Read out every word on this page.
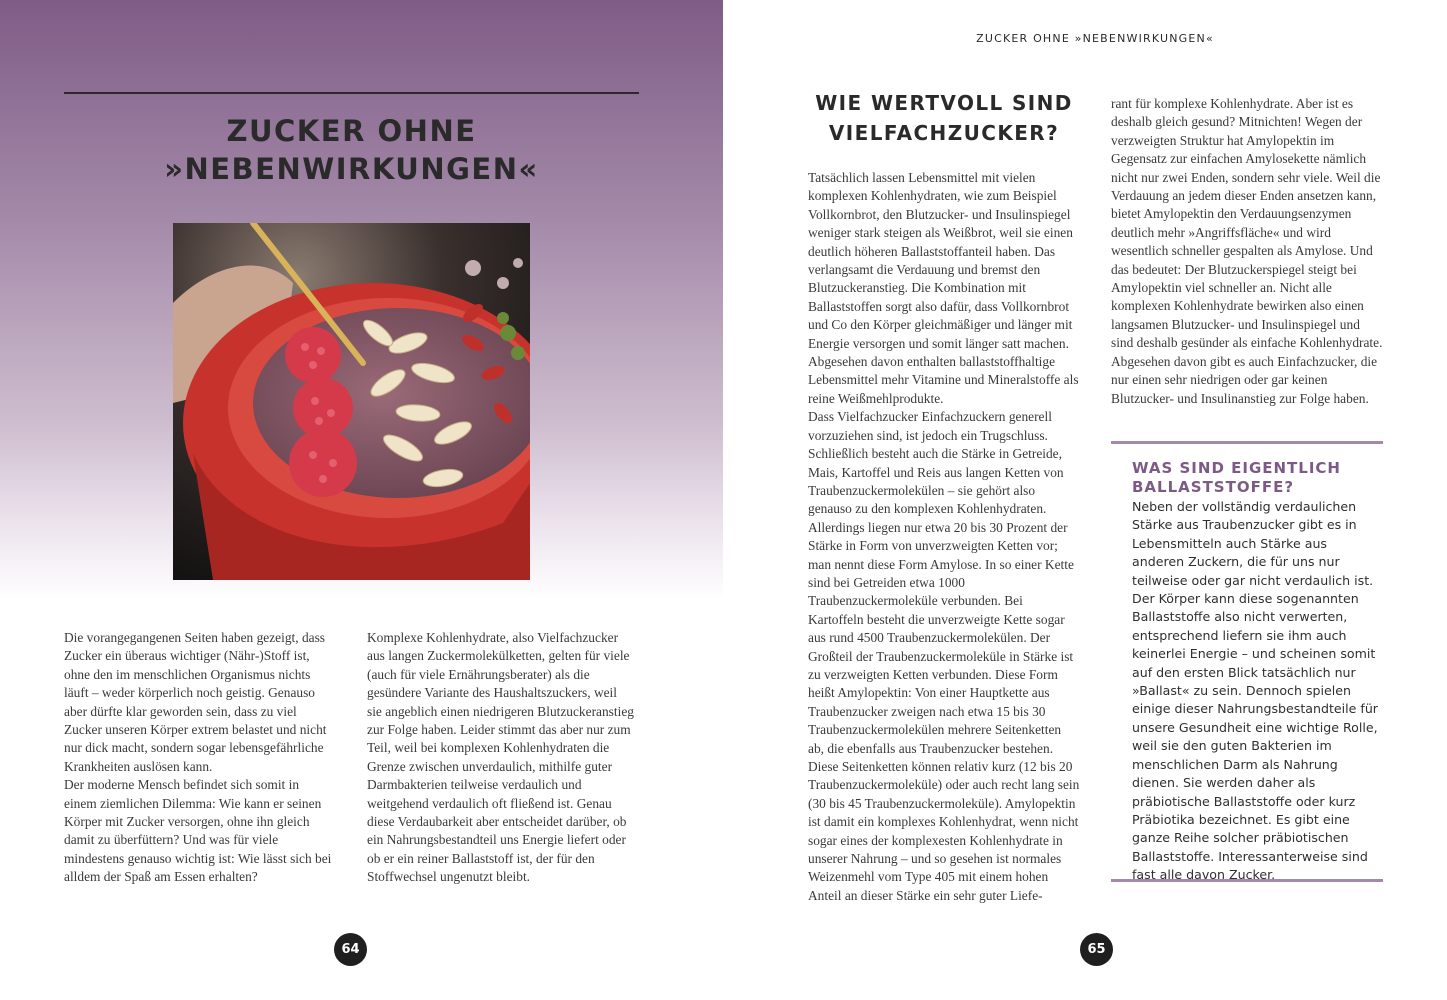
ZUCKER OHNE
»NEBENWIRKUNGEN«

Die vorangegangenen Seiten haben gezeigt, dass Zucker ein überaus wichtiger (Nähr-)Stoff ist, ohne den im menschlichen Organismus nichts läuft – weder körperlich noch geistig. Genauso aber dürfte klar geworden sein, dass zu viel Zucker unseren Körper extrem belastet und nicht nur dick macht, sondern sogar lebensgefährliche Krankheiten auslösen kann.

Der moderne Mensch befindet sich somit in einem ziemlichen Dilemma: Wie kann er seinen Körper mit Zucker versorgen, ohne ihn gleich damit zu überfüttern? Und was für viele mindestens genauso wichtig ist: Wie lässt sich bei alldem der Spaß am Essen erhalten?

Komplexe Kohlenhydrate, also Vielfachzucker aus langen Zuckermolekülketten, gelten für viele (auch für viele Ernährungsberater) als die gesündere Variante des Haushaltszuckers, weil sie angeblich einen niedrigeren Blutzuckeranstieg zur Folge haben. Leider stimmt das aber nur zum Teil, weil bei komplexen Kohlenhydraten die Grenze zwischen unverdaulich, mithilfe guter Darmbakterien teilweise verdaulich und weitgehend verdaulich oft fließend ist. Genau diese Verdaubarkeit aber entscheidet darüber, ob ein Nahrungsbestandteil uns Energie liefert oder ob er ein reiner Ballaststoff ist, der für den Stoffwechsel ungenutzt bleibt.

64
ZUCKER OHNE »NEBENWIRKUNGEN«
WIE WERTVOLL SIND
VIELFACHZUCKER?

Tatsächlich lassen Lebensmittel mit vielen komplexen Kohlenhydraten, wie zum Beispiel Vollkornbrot, den Blutzucker- und Insulinspiegel weniger stark steigen als Weißbrot, weil sie einen deutlich höheren Ballaststoffanteil haben. Das verlangsamt die Verdauung und bremst den Blutzuckeranstieg. Die Kombination mit Ballaststoffen sorgt also dafür, dass Vollkornbrot und Co den Körper gleichmäßiger und länger mit Energie versorgen und somit länger satt machen. Abgesehen davon enthalten ballaststoffhaltige Lebensmittel mehr Vitamine und Mineralstoffe als reine Weißmehlprodukte.

Dass Vielfachzucker Einfachzuckern generell vorzuziehen sind, ist jedoch ein Trugschluss. Schließlich besteht auch die Stärke in Getreide, Mais, Kartoffel und Reis aus langen Ketten von Traubenzuckermolekülen – sie gehört also genauso zu den komplexen Kohlenhydraten. Allerdings liegen nur etwa 20 bis 30 Prozent der Stärke in Form von unverzweigten Ketten vor; man nennt diese Form Amylose. In so einer Kette sind bei Getreiden etwa 1000 Traubenzuckermoleküle verbunden. Bei Kartoffeln besteht die unverzweigte Kette sogar aus rund 4500 Traubenzuckermolekülen. Der Großteil der Traubenzuckermoleküle in Stärke ist zu verzweigten Ketten verbunden. Diese Form heißt Amylopektin: Von einer Hauptkette aus Traubenzucker zweigen nach etwa 15 bis 30 Traubenzuckermolekülen mehrere Seitenketten ab, die ebenfalls aus Traubenzucker bestehen. Diese Seitenketten können relativ kurz (12 bis 20 Traubenzuckermoleküle) oder auch recht lang sein (30 bis 45 Traubenzuckermoleküle). Amylopektin ist damit ein komplexes Kohlenhydrat, wenn nicht sogar eines der komplexesten Kohlenhydrate in unserer Nahrung – und so gesehen ist normales Weizenmehl vom Type 405 mit einem hohen Anteil an dieser Stärke ein sehr guter Liefe-

rant für komplexe Kohlenhydrate. Aber ist es deshalb gleich gesund? Mitnichten! Wegen der verzweigten Struktur hat Amylopektin im Gegensatz zur einfachen Amylosekette nämlich nicht nur zwei Enden, sondern sehr viele. Weil die Verdauung an jedem dieser Enden ansetzen kann, bietet Amylopektin den Verdauungsenzymen deutlich mehr »Angriffsfläche« und wird wesentlich schneller gespalten als Amylose. Und das bedeutet: Der Blutzuckerspiegel steigt bei Amylopektin viel schneller an. Nicht alle komplexen Kohlenhydrate bewirken also einen langsamen Blutzucker- und Insulinspiegel und sind deshalb gesünder als einfache Kohlenhydrate. Abgesehen davon gibt es auch Einfachzucker, die nur einen sehr niedrigen oder gar keinen Blutzucker- und Insulinanstieg zur Folge haben.

WAS SIND EIGENTLICH
BALLASTSTOFFE?

Neben der vollständig verdaulichen Stärke aus Traubenzucker gibt es in Lebensmitteln auch Stärke aus anderen Zuckern, die für uns nur teilweise oder gar nicht verdaulich ist. Der Körper kann diese sogenannten Ballaststoffe also nicht verwerten, entsprechend liefern sie ihm auch keinerlei Energie – und scheinen somit auf den ersten Blick tatsächlich nur »Ballast« zu sein. Dennoch spielen einige dieser Nahrungsbestandteile für unsere Gesundheit eine wichtige Rolle, weil sie den guten Bakterien im menschlichen Darm als Nahrung dienen. Sie werden daher als präbiotische Ballaststoffe oder kurz Präbiotika bezeichnet. Es gibt eine ganze Reihe solcher präbiotischen Ballaststoffe. Interessanterweise sind fast alle davon Zucker.

65
